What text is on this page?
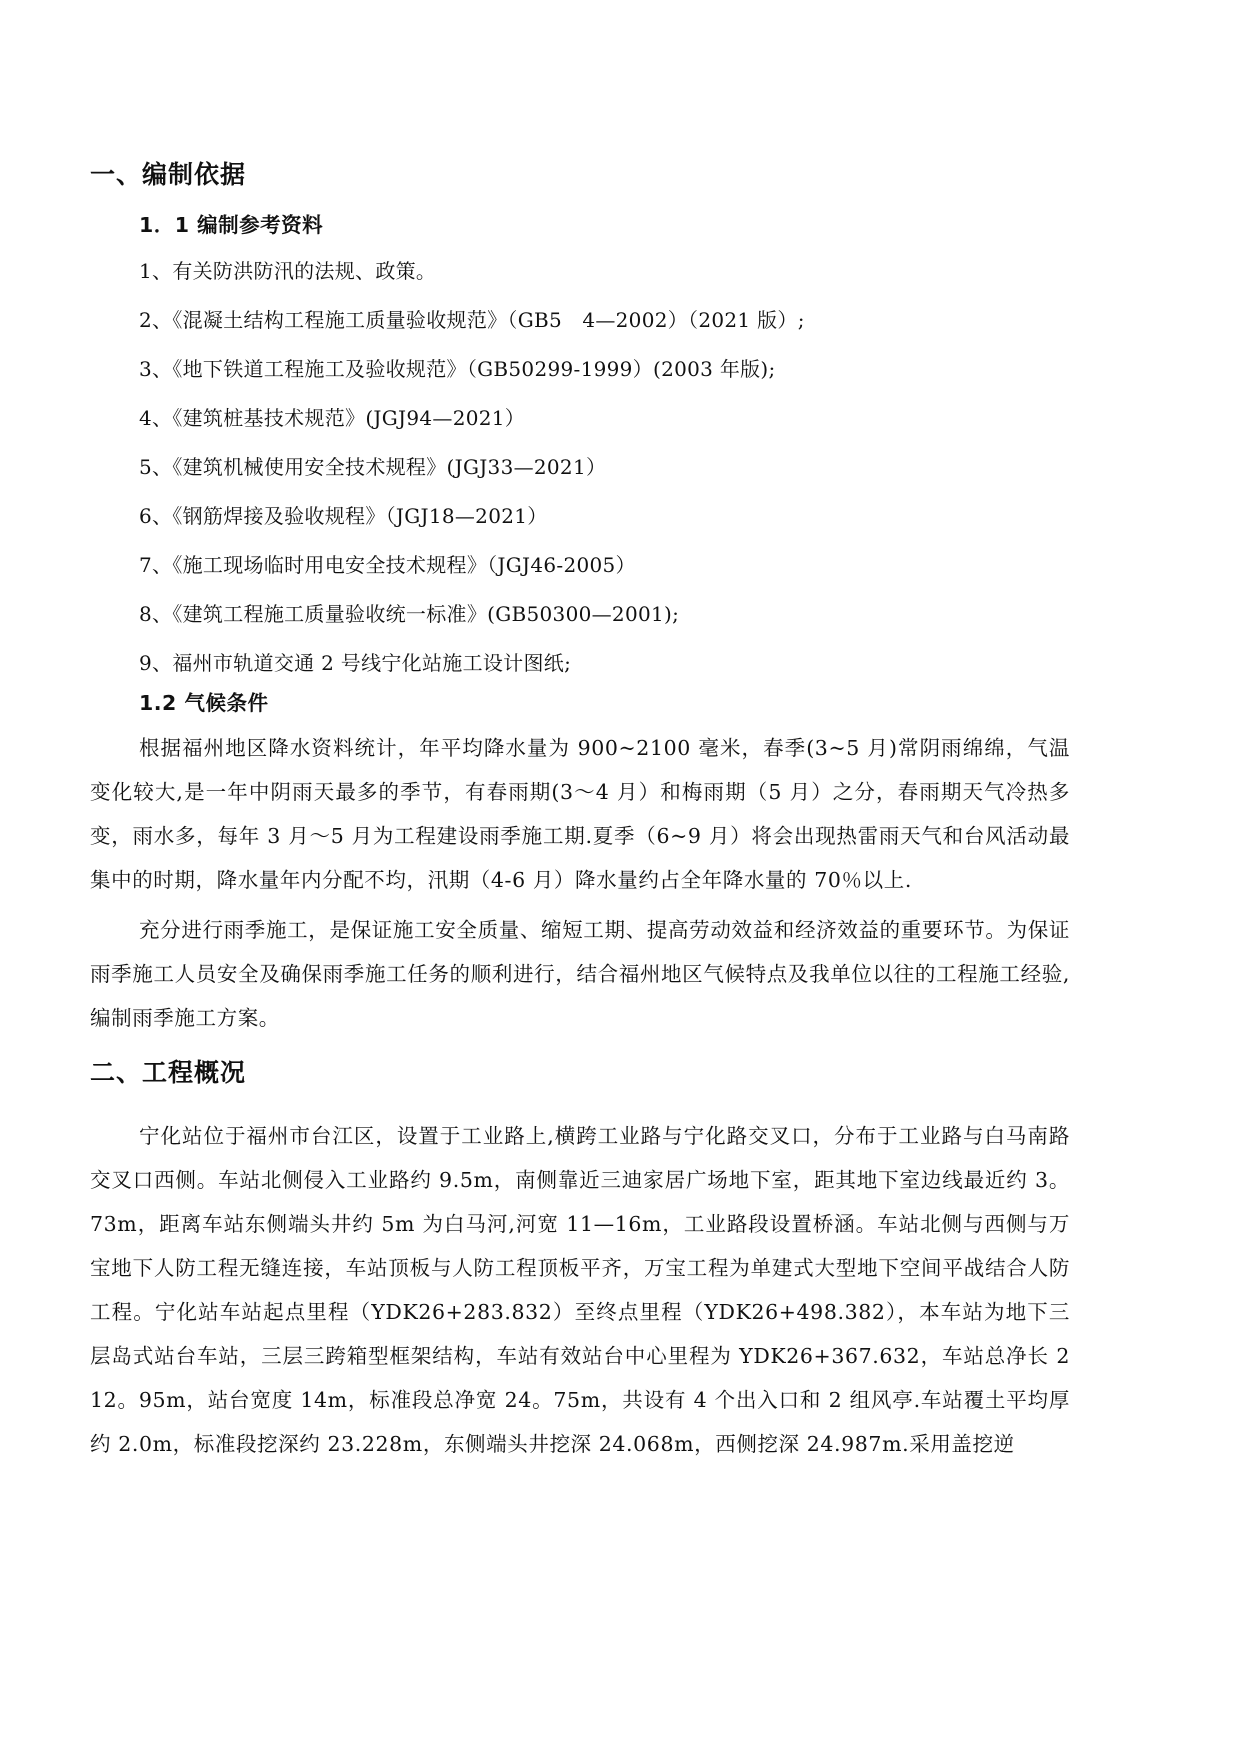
一、编制依据
1．1 编制参考资料
1、有关防洪防汛的法规、政策。
2、《混凝土结构工程施工质量验收规范》（GB5　4—2002）（2021 版）;
3、《地下铁道工程施工及验收规范》（GB50299-1999）(2003 年版);
4、《建筑桩基技术规范》(JGJ94—2021）
5、《建筑机械使用安全技术规程》(JGJ33—2021）
6、《钢筋焊接及验收规程》（JGJ18—2021）
7、《施工现场临时用电安全技术规程》（JGJ46-2005）
8、《建筑工程施工质量验收统一标准》(GB50300—2001);
9、福州市轨道交通 2 号线宁化站施工设计图纸;
1.2 气候条件

根据福州地区降水资料统计，年平均降水量为 900~2100 毫米，春季(3~5 月)常阴雨绵绵，气温变化较大,是一年中阴雨天最多的季节，有春雨期(3～4 月）和梅雨期（5 月）之分，春雨期天气冷热多变，雨水多，每年 3 月～5 月为工程建设雨季施工期.夏季（6~9 月）将会出现热雷雨天气和台风活动最集中的时期，降水量年内分配不均，汛期（4-6 月）降水量约占全年降水量的 70％以上.

充分进行雨季施工，是保证施工安全质量、缩短工期、提高劳动效益和经济效益的重要环节。为保证雨季施工人员安全及确保雨季施工任务的顺利进行，结合福州地区气候特点及我单位以往的工程施工经验,编制雨季施工方案。

二、工程概况

宁化站位于福州市台江区，设置于工业路上,横跨工业路与宁化路交叉口，分布于工业路与白马南路交叉口西侧。车站北侧侵入工业路约 9.5m，南侧靠近三迪家居广场地下室，距其地下室边线最近约 3。73m，距离车站东侧端头井约 5m 为白马河,河宽 11—16m，工业路段设置桥涵。车站北侧与西侧与万宝地下人防工程无缝连接，车站顶板与人防工程顶板平齐，万宝工程为单建式大型地下空间平战结合人防工程。宁化站车站起点里程（YDK26+283.832）至终点里程（YDK26+498.382），本车站为地下三层岛式站台车站，三层三跨箱型框架结构，车站有效站台中心里程为 YDK26+367.632，车站总净长 212。95m，站台宽度 14m，标准段总净宽 24。75m，共设有 4 个出入口和 2 组风亭.车站覆土平均厚约 2.0m，标准段挖深约 23.228m，东侧端头井挖深 24.068m，西侧挖深 24.987m.采用盖挖逆
